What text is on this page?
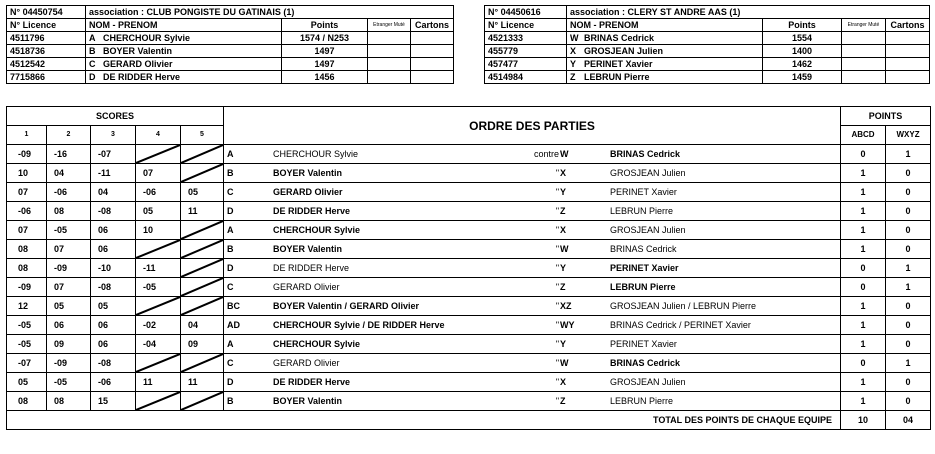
N° 04450754	association : CLUB PONGISTE DU GATINAIS (1)			
N° Licence	NOM - PRENOM	Points	Etranger Muté	Cartons
4511796	A CHERCHOUR Sylvie	1574 / N253		
4518736	B BOYER Valentin	1497		
4512542	C GERARD Olivier	1497		
7715866	D DE RIDDER Herve	1456		
N° 04450616	association : CLERY ST ANDRE AAS (1)			
N° Licence	NOM - PRENOM	Points	Etranger Muté	Cartons
4521333	W BRINAS Cedrick	1554		
455779	X GROSJEAN Julien	1400		
457477	Y PERINET Xavier	1462		
4514984	Z LEBRUN Pierre	1459		
SCORES					ORDRE DES PARTIES	POINTS	
1	2	3	4	5		ABCD	WXYZ

-09	-16	-07			A CHERCHOUR Sylvie contre W BRINAS Cedrick	0	1

10	04	-11	07		B BOYER Valentin " X GROSJEAN Julien	1	0

07	-06	04	-06	05	C GERARD Olivier " Y PERINET Xavier	1	0

-06	08	-08	05	11	D DE RIDDER Herve " Z LEBRUN Pierre	1	0

07	-05	06	10		A CHERCHOUR Sylvie " X GROSJEAN Julien	1	0

08	07	06			B BOYER Valentin " W BRINAS Cedrick	1	0

08	-09	-10	-11		D DE RIDDER Herve " Y PERINET Xavier	0	1

-09	07	-08	-05		C GERARD Olivier " Z LEBRUN Pierre	0	1

12	05	05			BC BOYER Valentin / GERARD Olivier " XZ GROSJEAN Julien / LEBRUN Pierre	1	0

-05	06	06	-02	04	AD CHERCHOUR Sylvie / DE RIDDER Herve " WY BRINAS Cedrick / PERINET Xavier	1	0

-05	09	06	-04	09	A CHERCHOUR Sylvie " Y PERINET Xavier	1	0

-07	-09	-08			C GERARD Olivier " W BRINAS Cedrick	0	1

05	-05	-06	11	11	D DE RIDDER Herve " X GROSJEAN Julien	1	0

08	08	15			B BOYER Valentin " Z LEBRUN Pierre	1	0
TOTAL DES POINTS DE CHAQUE EQUIPE						10	04
